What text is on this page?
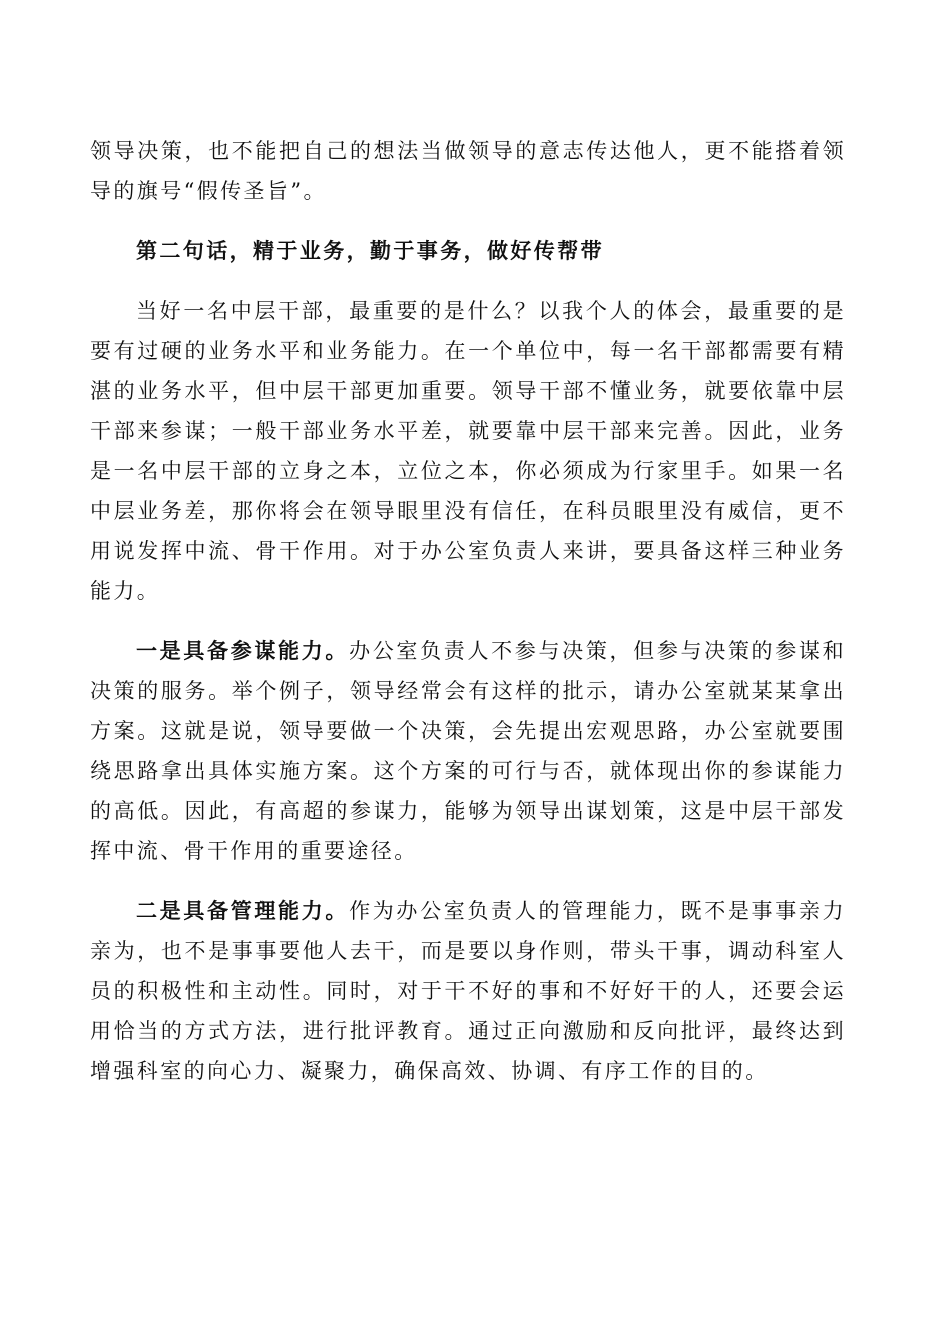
领导决策，也不能把自己的想法当做领导的意志传达他人，更不能搭着领导的旗号“假传圣旨”。

第二句话，精于业务，勤于事务，做好传帮带

当好一名中层干部，最重要的是什么？以我个人的体会，最重要的是要有过硬的业务水平和业务能力。在一个单位中，每一名干部都需要有精湛的业务水平，但中层干部更加重要。领导干部不懂业务，就要依靠中层干部来参谋；一般干部业务水平差，就要靠中层干部来完善。因此，业务是一名中层干部的立身之本，立位之本，你必须成为行家里手。如果一名中层业务差，那你将会在领导眼里没有信任，在科员眼里没有威信，更不用说发挥中流、骨干作用。对于办公室负责人来讲，要具备这样三种业务能力。

一是具备参谋能力。办公室负责人不参与决策，但参与决策的参谋和决策的服务。举个例子，领导经常会有这样的批示，请办公室就某某拿出方案。这就是说，领导要做一个决策，会先提出宏观思路，办公室就要围绕思路拿出具体实施方案。这个方案的可行与否，就体现出你的参谋能力的高低。因此，有高超的参谋力，能够为领导出谋划策，这是中层干部发挥中流、骨干作用的重要途径。

二是具备管理能力。作为办公室负责人的管理能力，既不是事事亲力亲为，也不是事事要他人去干，而是要以身作则，带头干事，调动科室人员的积极性和主动性。同时，对于干不好的事和不好好干的人，还要会运用恰当的方式方法，进行批评教育。通过正向激励和反向批评，最终达到增强科室的向心力、凝聚力，确保高效、协调、有序工作的目的。
